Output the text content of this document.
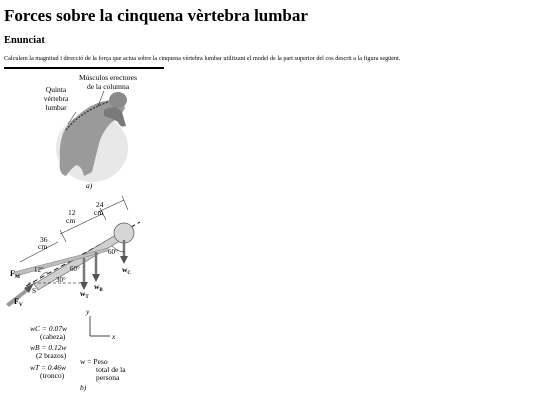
Forces sobre la cinquena vèrtebra lumbar
Enunciat
Calculem la magnitud i direcció de la força que actua sobre la cinquena vèrtebra lumbar utilitzant el model de la part superior del cos descrit a la figura següent.
Quinta
vértebra
lumbar
Músculos erectores
de la columna
a)
12
cm
24
cm
36
cm
12°	60°
30°
60°
$F_M$
$F_V$
S	$w_T$
$w_B$
$w_C$
y
x
wC = 0.07w
(cabeza)
wB = 0.12w
(2 brazos)
wT = 0.46w
(tronco)
w = Peso
total de la
persona
b)
